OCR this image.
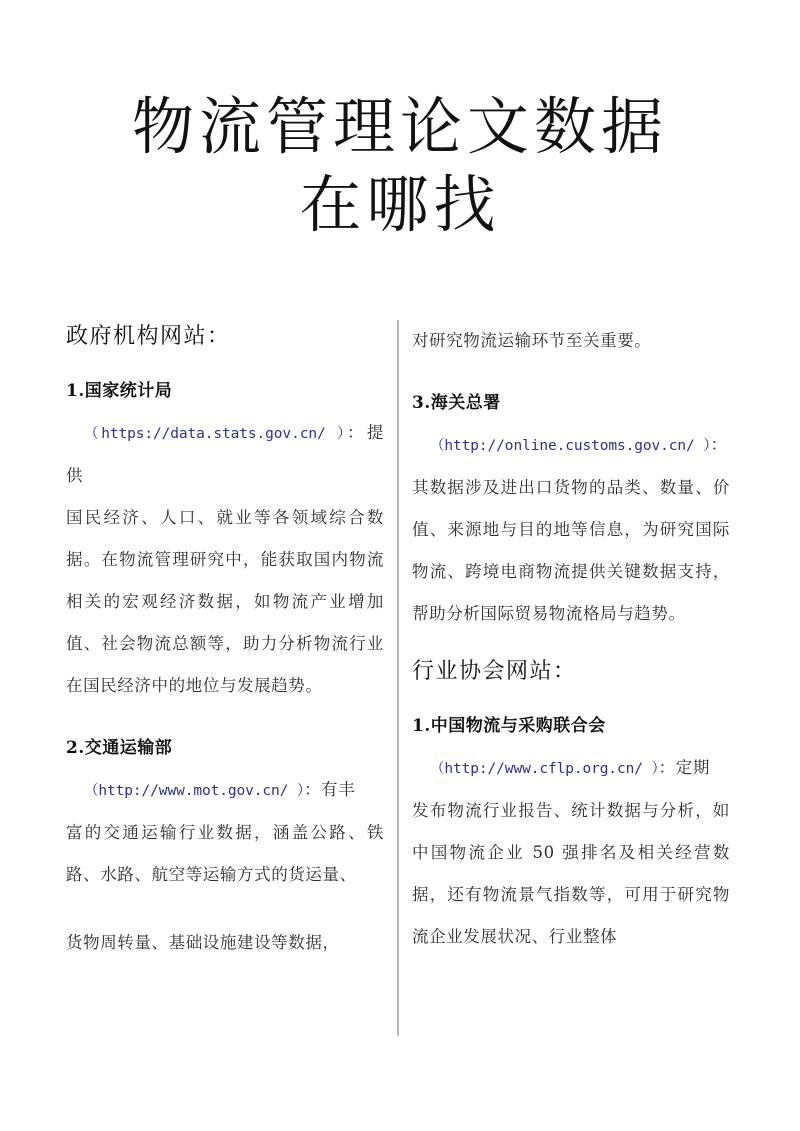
物流管理论文数据
在哪找
政府机构网站：
1.国家统计局
（https://data.stats.gov.cn/ ）：提供
国民经济、人口、就业等各领域综合数据。在物流管理研究中，能获取国内物流相关的宏观经济数据，如物流产业增加值、社会物流总额等，助力分析物流行业在国民经济中的地位与发展趋势。
2.交通运输部
（http://www.mot.gov.cn/ ）：有丰
富的交通运输行业数据，涵盖公路、铁路、水路、航空等运输方式的货运量、
货物周转量、基础设施建设等数据，
对研究物流运输环节至关重要。
3.海关总署
（http://online.customs.gov.cn/ ）：
其数据涉及进出口货物的品类、数量、价值、来源地与目的地等信息，为研究国际物流、跨境电商物流提供关键数据支持，帮助分析国际贸易物流格局与趋势。
行业协会网站：
1.中国物流与采购联合会
（http://www.cflp.org.cn/ ）：定期
发布物流行业报告、统计数据与分析，如中国物流企业 50 强排名及相关经营数据，还有物流景气指数等，可用于研究物流企业发展状况、行业整体
